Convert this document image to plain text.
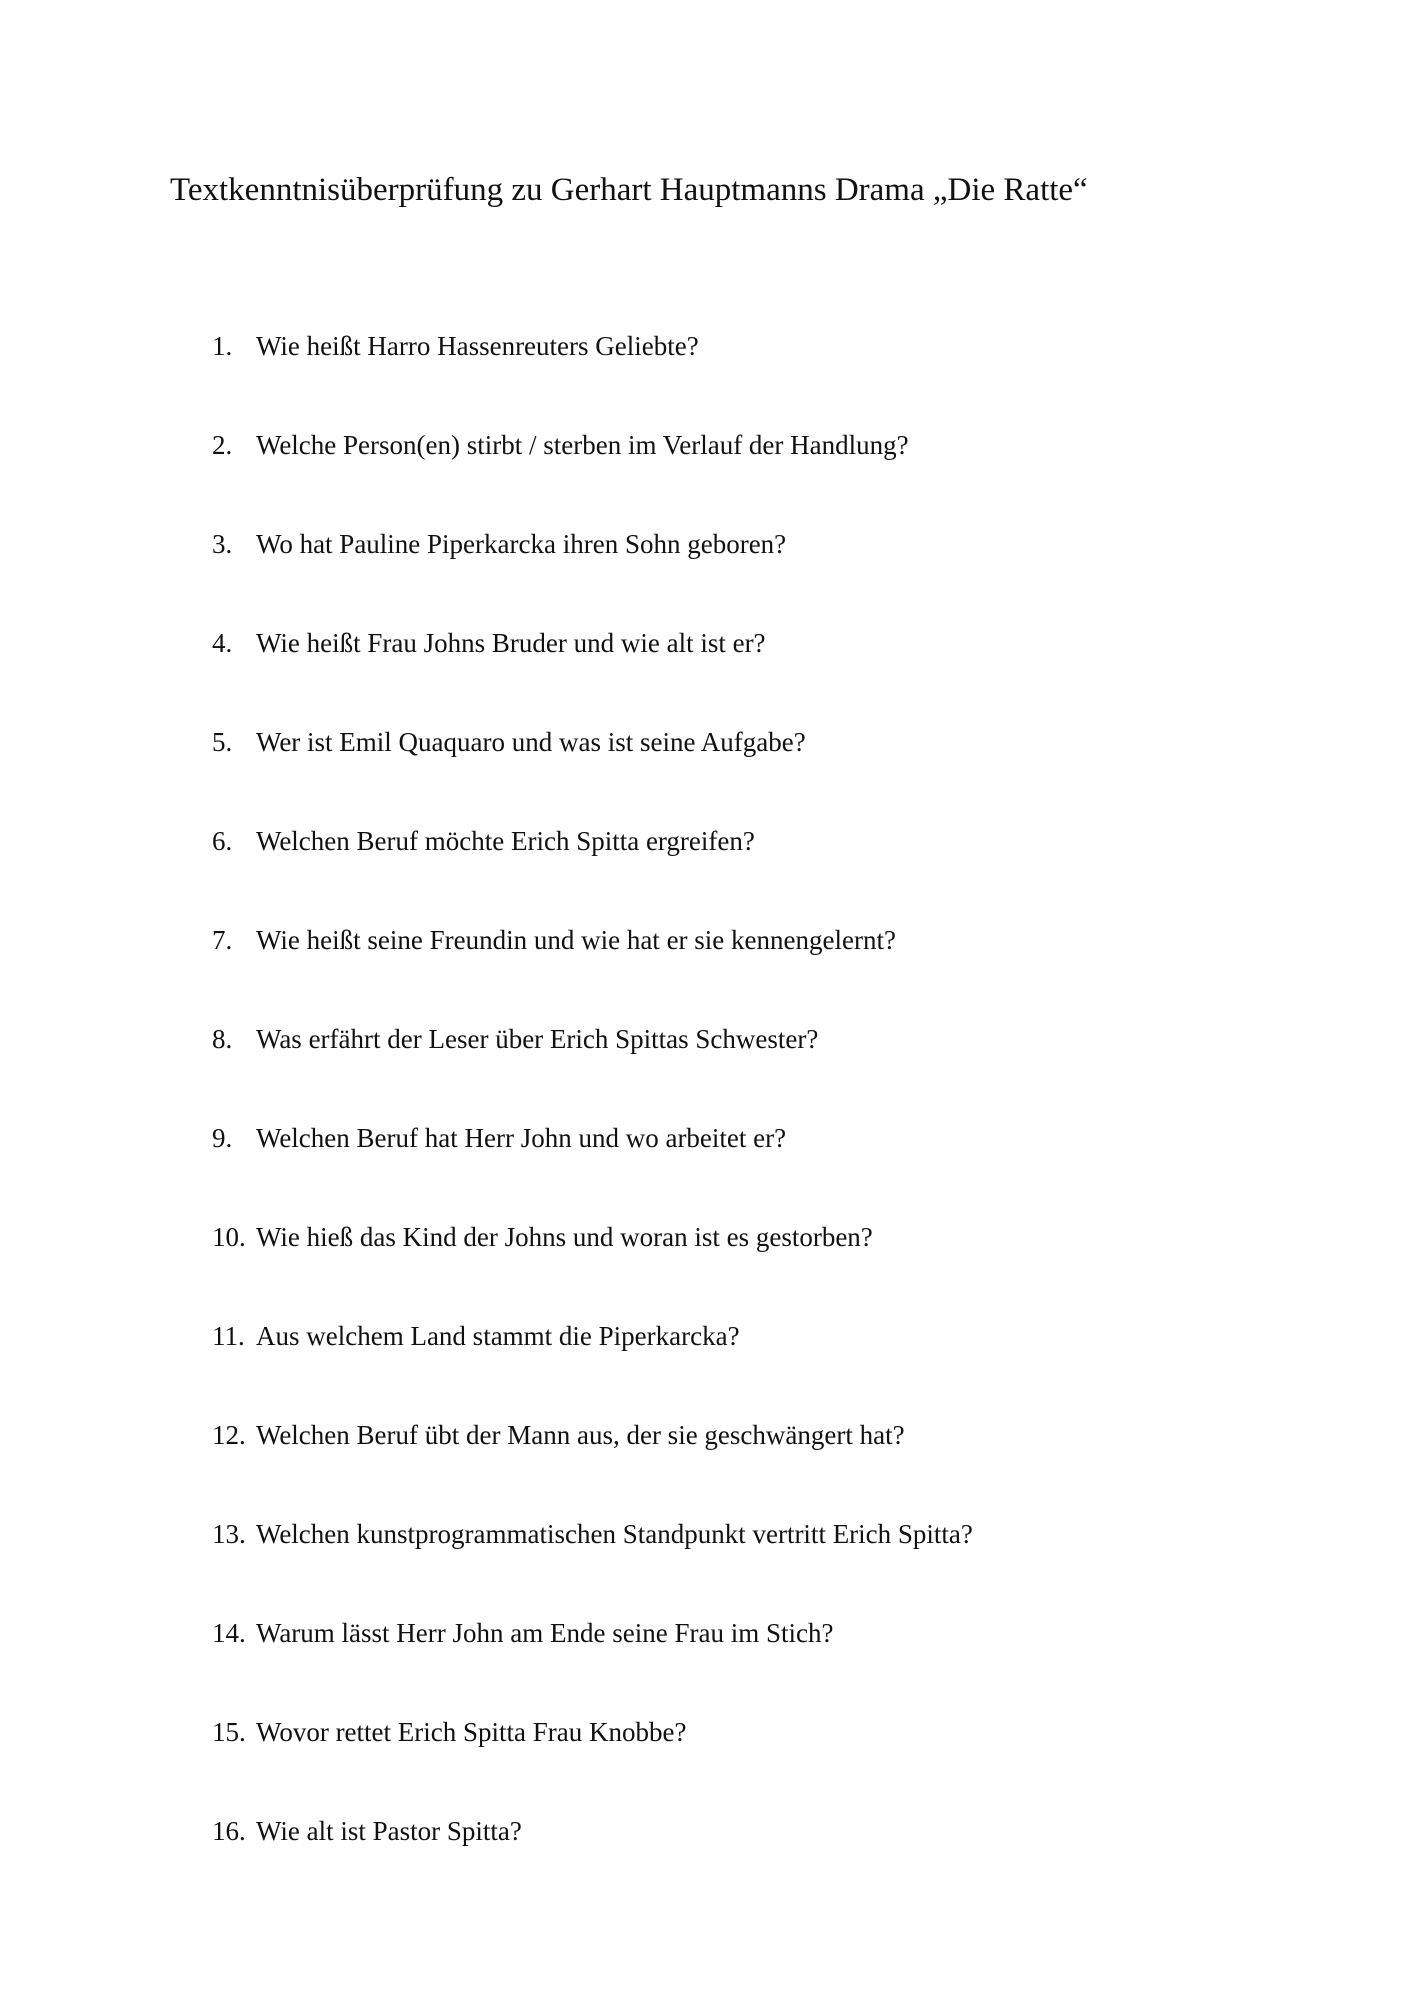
Textkenntnisüberprüfung zu Gerhart Hauptmanns Drama „Die Ratte“
1. Wie heißt Harro Hassenreuters Geliebte?
2. Welche Person(en) stirbt / sterben im Verlauf der Handlung?
3. Wo hat Pauline Piperkarcka ihren Sohn geboren?
4. Wie heißt Frau Johns Bruder und wie alt ist er?
5. Wer ist Emil Quaquaro und was ist seine Aufgabe?
6. Welchen Beruf möchte Erich Spitta ergreifen?
7. Wie heißt seine Freundin und wie hat er sie kennengelernt?
8. Was erfährt der Leser über Erich Spittas Schwester?
9. Welchen Beruf hat Herr John und wo arbeitet er?
10. Wie hieß das Kind der Johns und woran ist es gestorben?
11. Aus welchem Land stammt die Piperkarcka?
12. Welchen Beruf übt der Mann aus, der sie geschwängert hat?
13. Welchen kunstprogrammatischen Standpunkt vertritt Erich Spitta?
14. Warum lässt Herr John am Ende seine Frau im Stich?
15. Wovor rettet Erich Spitta Frau Knobbe?
16. Wie alt ist Pastor Spitta?
